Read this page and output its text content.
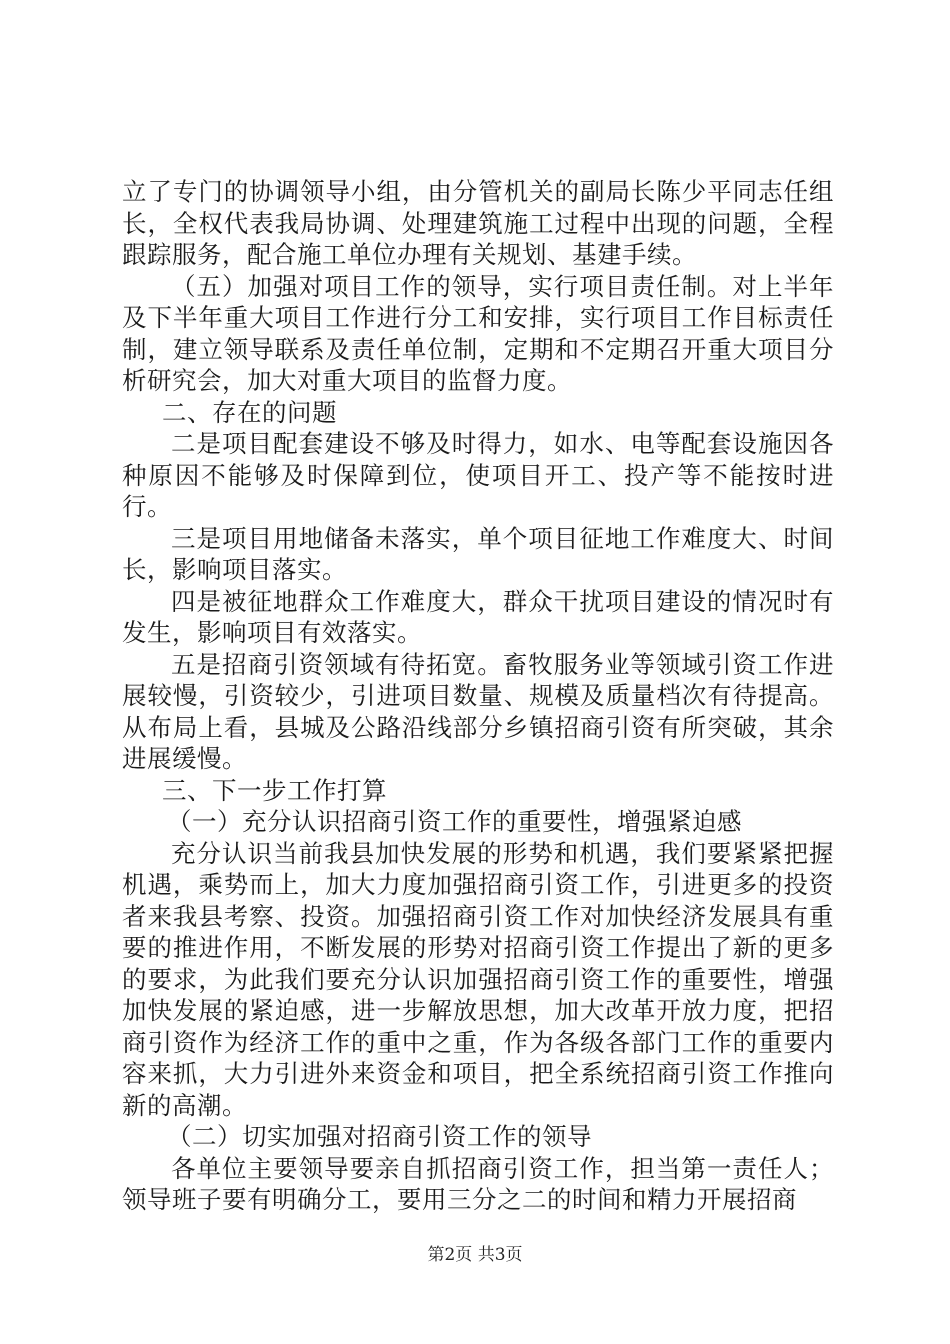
立了专门的协调领导小组，由分管机关的副局长陈少平同志任组长，全权代表我局协调、处理建筑施工过程中出现的问题，全程跟踪服务，配合施工单位办理有关规划、基建手续。

（五）加强对项目工作的领导，实行项目责任制。对上半年及下半年重大项目工作进行分工和安排，实行项目工作目标责任制，建立领导联系及责任单位制，定期和不定期召开重大项目分析研究会，加大对重大项目的监督力度。

二、存在的问题

二是项目配套建设不够及时得力，如水、电等配套设施因各种原因不能够及时保障到位，使项目开工、投产等不能按时进行。

三是项目用地储备未落实，单个项目征地工作难度大、时间长，影响项目落实。

四是被征地群众工作难度大，群众干扰项目建设的情况时有发生，影响项目有效落实。

五是招商引资领域有待拓宽。畜牧服务业等领域引资工作进展较慢，引资较少，引进项目数量、规模及质量档次有待提高。从布局上看，县城及公路沿线部分乡镇招商引资有所突破，其余进展缓慢。

三、下一步工作打算

（一）充分认识招商引资工作的重要性，增强紧迫感

充分认识当前我县加快发展的形势和机遇，我们要紧紧把握机遇，乘势而上，加大力度加强招商引资工作，引进更多的投资者来我县考察、投资。加强招商引资工作对加快经济发展具有重要的推进作用，不断发展的形势对招商引资工作提出了新的更多的要求，为此我们要充分认识加强招商引资工作的重要性，增强加快发展的紧迫感，进一步解放思想，加大改革开放力度，把招商引资作为经济工作的重中之重，作为各级各部门工作的重要内容来抓，大力引进外来资金和项目，把全系统招商引资工作推向新的高潮。

（二）切实加强对招商引资工作的领导

各单位主要领导要亲自抓招商引资工作，担当第一责任人；领导班子要有明确分工，要用三分之二的时间和精力开展招商

第2页 共3页
